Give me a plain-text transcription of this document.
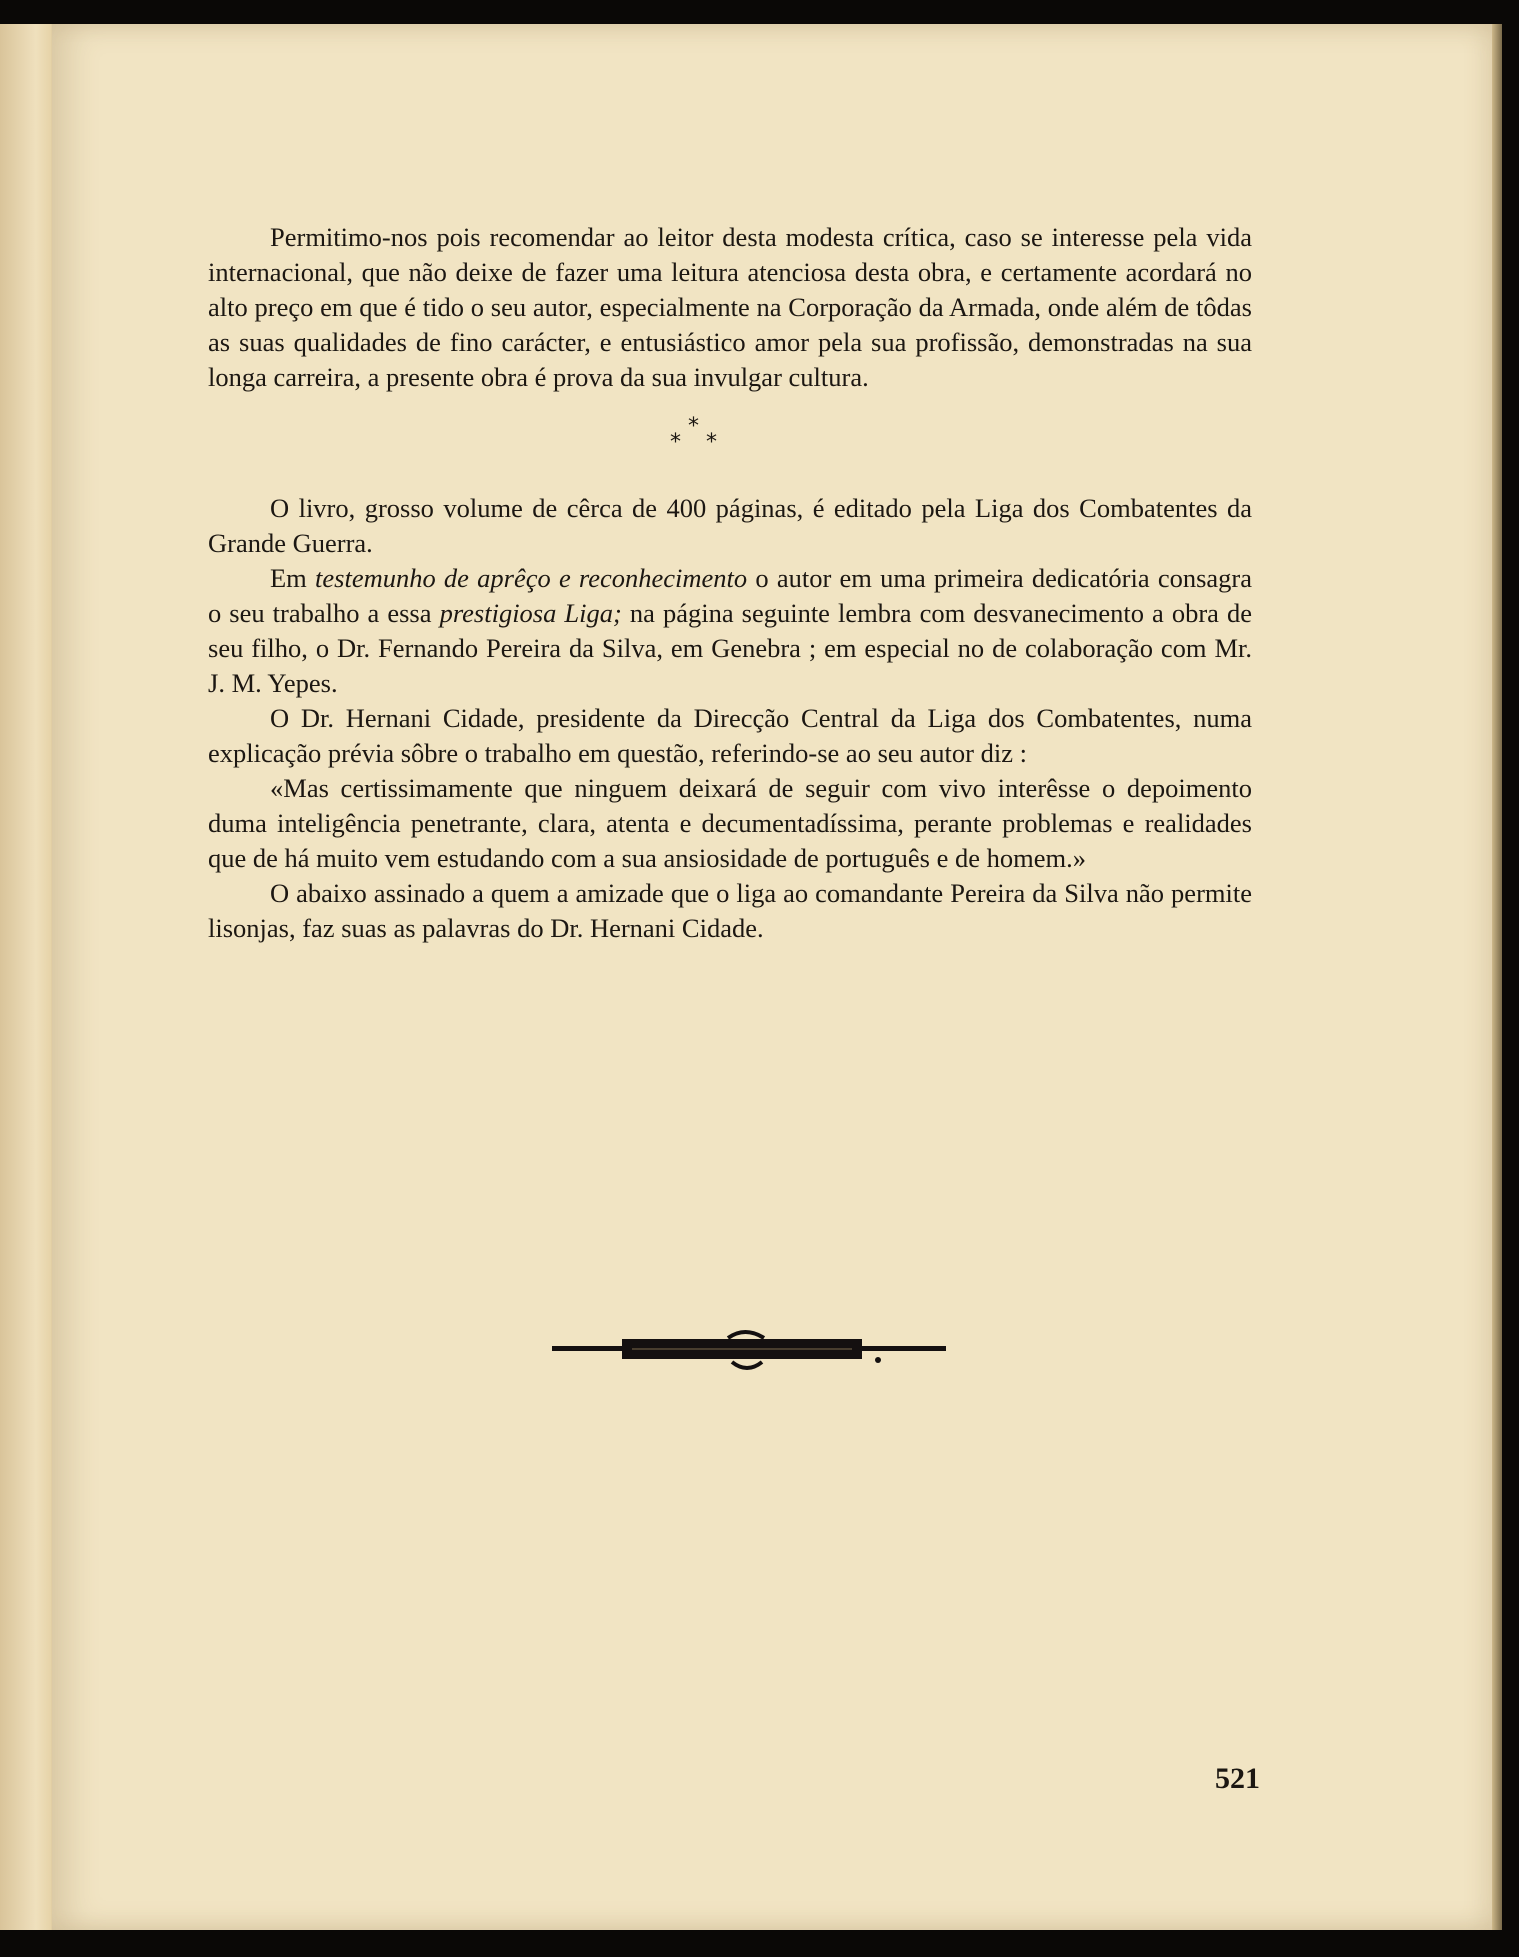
Permitimo-nos pois recomendar ao leitor desta modesta crítica, caso se interesse pela vida internacional, que não deixe de fazer uma leitura atenciosa desta obra, e certamente acordará no alto preço em que é tido o seu autor, especialmente na Corporação da Armada, onde além de tôdas as suas qualidades de fino carácter, e entusiástico amor pela sua profissão, demonstradas na sua longa carreira, a presente obra é prova da sua invulgar cultura.

*
* *

O livro, grosso volume de cêrca de 400 páginas, é editado pela Liga dos Combatentes da Grande Guerra.

Em testemunho de aprêço e reconhecimento o autor em uma primeira dedicatória consagra o seu trabalho a essa prestigiosa Liga; na página seguinte lembra com desvanecimento a obra de seu filho, o Dr. Fernando Pereira da Silva, em Genebra ; em especial no de colaboração com Mr. J. M. Yepes.

O Dr. Hernani Cidade, presidente da Direcção Central da Liga dos Combatentes, numa explicação prévia sôbre o trabalho em questão, referindo-se ao seu autor diz :

«Mas certissimamente que ninguem deixará de seguir com vivo interêsse o depoimento duma inteligência penetrante, clara, atenta e decumentadíssima, perante problemas e realidades que de há muito vem estudando com a sua ansiosidade de português e de homem.»

O abaixo assinado a quem a amizade que o liga ao comandante Pereira da Silva não permite lisonjas, faz suas as palavras do Dr. Hernani Cidade.

521
